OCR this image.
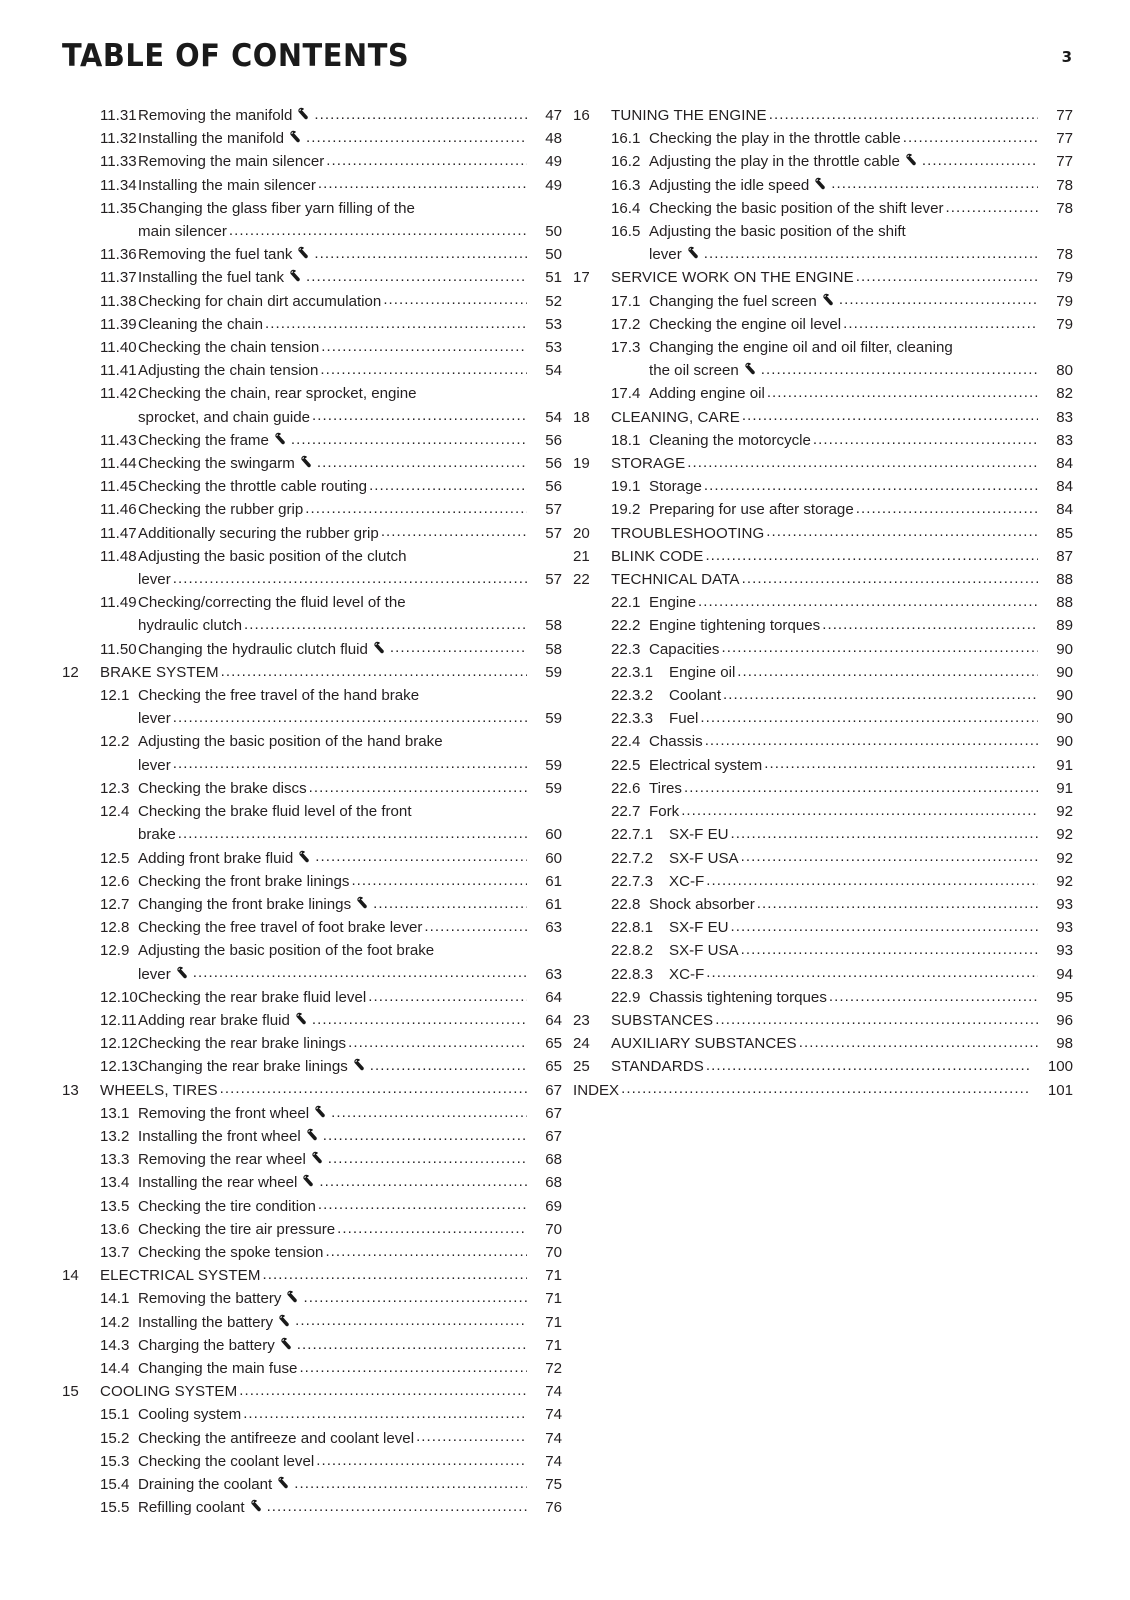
TABLE OF CONTENTS	3
11.31 Removing the manifold .....	47
11.32 Installing the manifold .....	48
11.33 Removing the main silencer .....	49
11.34 Installing the main silencer .....	49
11.35 Changing the glass fiber yarn filling of the
main silencer .....	50
11.36 Removing the fuel tank .....	50
11.37 Installing the fuel tank .....	51
11.38 Checking for chain dirt accumulation .....	52
11.39 Cleaning the chain .....	53
11.40 Checking the chain tension .....	53
11.41 Adjusting the chain tension .....	54
11.42 Checking the chain, rear sprocket, engine
sprocket, and chain guide .....	54
11.43 Checking the frame .....	56
11.44 Checking the swingarm .....	56
11.45 Checking the throttle cable routing .....	56
11.46 Checking the rubber grip .....	57
11.47 Additionally securing the rubber grip .....	57
11.48 Adjusting the basic position of the clutch
lever .....	57
11.49 Checking/correcting the fluid level of the
hydraulic clutch .....	58
11.50 Changing the hydraulic clutch fluid .....	58
12	BRAKE SYSTEM .....	59
12.1 Checking the free travel of the hand brake
lever .....	59
12.2 Adjusting the basic position of the hand brake
lever .....	59
12.3 Checking the brake discs .....	59
12.4 Checking the brake fluid level of the front
brake .....	60
12.5 Adding front brake fluid .....	60
12.6 Checking the front brake linings .....	61
12.7 Changing the front brake linings .....	61
12.8 Checking the free travel of foot brake lever .....	63
12.9 Adjusting the basic position of the foot brake
lever .....	63
12.10 Checking the rear brake fluid level .....	64
12.11 Adding rear brake fluid .....	64
12.12 Checking the rear brake linings .....	65
12.13 Changing the rear brake linings .....	65
13	WHEELS, TIRES .....	67
13.1 Removing the front wheel .....	67
13.2 Installing the front wheel .....	67
13.3 Removing the rear wheel .....	68
13.4 Installing the rear wheel .....	68
13.5 Checking the tire condition .....	69
13.6 Checking the tire air pressure .....	70
13.7 Checking the spoke tension .....	70
14	ELECTRICAL SYSTEM .....	71
14.1 Removing the battery .....	71
14.2 Installing the battery .....	71
14.3 Charging the battery .....	71
14.4 Changing the main fuse .....	72
15	COOLING SYSTEM .....	74
15.1 Cooling system .....	74
15.2 Checking the antifreeze and coolant level .....	74
15.3 Checking the coolant level .....	74
15.4 Draining the coolant .....	75
15.5 Refilling coolant .....	76
16	TUNING THE ENGINE .....	77
16.1 Checking the play in the throttle cable .....	77
16.2 Adjusting the play in the throttle cable .....	77
16.3 Adjusting the idle speed .....	78
16.4 Checking the basic position of the shift lever .....	78
16.5 Adjusting the basic position of the shift
lever .....	78
17	SERVICE WORK ON THE ENGINE .....	79
17.1 Changing the fuel screen .....	79
17.2 Checking the engine oil level .....	79
17.3 Changing the engine oil and oil filter, cleaning
the oil screen .....	80
17.4 Adding engine oil .....	82
18	CLEANING, CARE .....	83
18.1 Cleaning the motorcycle .....	83
19	STORAGE .....	84
19.1 Storage .....	84
19.2 Preparing for use after storage .....	84
20	TROUBLESHOOTING .....	85
21	BLINK CODE .....	87
22	TECHNICAL DATA .....	88
22.1 Engine .....	88
22.2 Engine tightening torques .....	89
22.3 Capacities .....	90
22.3.1	Engine oil .....	90
22.3.2	Coolant .....	90
22.3.3	Fuel .....	90
22.4 Chassis .....	90
22.5 Electrical system .....	91
22.6 Tires .....	91
22.7 Fork .....	92
22.7.1	SX-F EU .....	92
22.7.2	SX-F USA .....	92
22.7.3	XC-F .....	92
22.8 Shock absorber .....	93
22.8.1	SX-F EU .....	93
22.8.2	SX-F USA .....	93
22.8.3	XC-F .....	94
22.9 Chassis tightening torques .....	95
23	SUBSTANCES .....	96
24	AUXILIARY SUBSTANCES .....	98
25	STANDARDS .....	100
INDEX .....	101
